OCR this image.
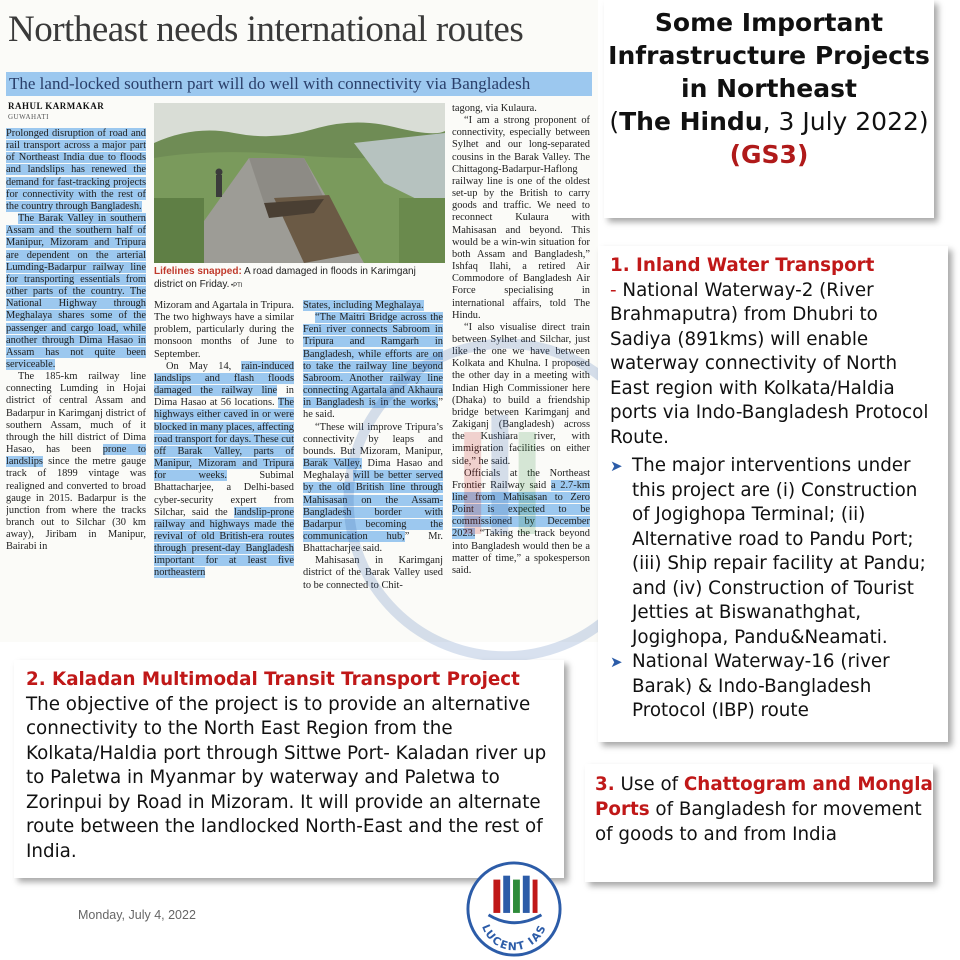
Northeast needs international routes
The land-locked southern part will do well with connectivity via Bangladesh
RAHUL KARMAKAR
GUWAHATI

Prolonged disruption of road and rail transport across a major part of Northeast India due to floods and landslips has renewed the demand for fast-tracking projects for connectivity with the rest of the country through Bangladesh.

The Barak Valley in southern Assam and the southern half of Manipur, Mizoram and Tripura are dependent on the arterial Lumding-Badarpur railway line for transporting essentials from other parts of the country. The National Highway through Meghalaya shares some of the passenger and cargo load, while another through Dima Hasao in Assam has not quite been serviceable.

The 185-km railway line connecting Lumding in Hojai district of central Assam and Badarpur in Karimganj district of southern Assam, much of it through the hill district of Dima Hasao, has been prone to landslips since the metre gauge track of 1899 vintage was realigned and converted to broad gauge in 2015. Badarpur is the junction from where the tracks branch out to Silchar (30 km away), Jiribam in Manipur, Bairabi in

Lifelines snapped: A road damaged in floods in Karimganj district on Friday. •PTI

Mizoram and Agartala in Tripura. The two highways have a similar problem, particularly during the monsoon months of June to September.

On May 14, rain-induced landslips and flash floods damaged the railway line in Dima Hasao at 56 locations. The highways either caved in or were blocked in many places, affecting road transport for days. These cut off Barak Valley, parts of Manipur, Mizoram and Tripura for weeks. Subimal Bhattacharjee, a Delhi-based cyber-security expert from Silchar, said the landslip-prone railway and highways made the revival of old British-era routes through present-day Bangladesh important for at least five northeastern

States, including Meghalaya.

“The Maitri Bridge across the Feni river connects Sabroom in Tripura and Ramgarh in Bangladesh, while efforts are on to take the railway line beyond Sabroom. Another railway line connecting Agartala and Akhaura in Bangladesh is in the works,” he said.

“These will improve Tripura’s connectivity by leaps and bounds. But Mizoram, Manipur, Barak Valley, Dima Hasao and Meghalaya will be better served by the old British line through Mahisasan on the Assam-Bangladesh border with Badarpur becoming the communication hub,” Mr. Bhattacharjee said.

Mahisasan in Karimganj district of the Barak Valley used to be connected to Chit-

tagong, via Kulaura.

“I am a strong proponent of connectivity, especially between Sylhet and our long-separated cousins in the Barak Valley. The Chittagong-Badarpur-Haflong railway line is one of the oldest set-up by the British to carry goods and traffic. We need to reconnect Kulaura with Mahisasan and beyond. This would be a win-win situation for both Assam and Bangladesh,” Ishfaq Ilahi, a retired Air Commodore of Bangladesh Air Force specialising in international affairs, told The Hindu.

“I also visualise direct train between Sylhet and Silchar, just like the one we have between Kolkata and Khulna. I proposed the other day in a meeting with Indian High Commissioner here (Dhaka) to build a friendship bridge between Karimganj and Zakiganj (Bangladesh) across the Kushiara river, with immigration facilities on either side,” he said.

Officials at the Northeast Frontier Railway said a 2.7-km line from Mahisasan to Zero Point is expected to be commissioned by December 2023. “Taking the track beyond into Bangladesh would then be a matter of time,” a spokesperson said.

Some Important Infrastructure Projects in Northeast
(The Hindu, 3 July 2022)
(GS3)
1. Inland Water Transport
- National Waterway-2 (River Brahmaputra) from Dhubri to Sadiya (891kms) will enable waterway connectivity of North East region with Kolkata/Haldia ports via Indo-Bangladesh Protocol Route.
➤ The major interventions under this project are (i) Construction of Jogighopa Terminal; (ii) Alternative road to Pandu Port; (iii) Ship repair facility at Pandu; and (iv) Construction of Tourist Jetties at Biswanathghat, Jogighopa, Pandu&Neamati.
➤ National Waterway-16 (river Barak) & Indo-Bangladesh Protocol (IBP) route
2. Kaladan Multimodal Transit Transport Project
The objective of the project is to provide an alternative connectivity to the North East Region from the Kolkata/Haldia port through Sittwe Port- Kaladan river up to Paletwa in Myanmar by waterway and Paletwa to Zorinpui by Road in Mizoram. It will provide an alternate route between the landlocked North-East and the rest of India.
3. Use of Chattogram and Mongla Ports of Bangladesh for movement of goods to and from India
Monday, July 4, 2022
LUCENT IAS
